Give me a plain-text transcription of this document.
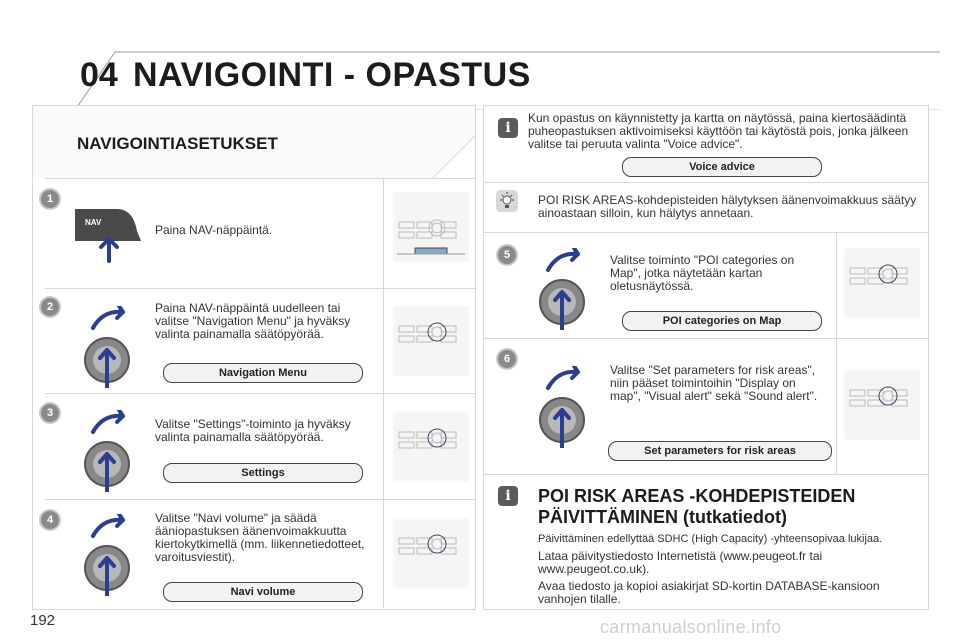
04 NAVIGOINTI - OPASTUS
NAVIGOINTIASETUKSET
1
NAV
Paina NAV-näppäintä.
2	Paina NAV-näppäintä uudelleen tai valitse "Navigation Menu" ja hyväksy valinta painamalla säätöpyörää.
Navigation Menu
3
Valitse "Settings"-toiminto ja hyväksy valinta painamalla säätöpyörää.
Settings
4	Valitse "Navi volume" ja säädä ääniopastuksen äänenvoimakkuutta kiertokytkimellä (mm. liikennetiedotteet, varoitusviestit).
Navi volume
i
Kun opastus on käynnistetty ja kartta on näytössä, paina kiertosäädintä puheopastuksen aktivoimiseksi käyttöön tai käytöstä pois, jonka jälkeen valitse tai peruuta valinta "Voice advice".
Voice advice
POI RISK AREAS-kohdepisteiden hälytyksen äänenvoimakkuus säätyy ainoastaan silloin, kun hälytys annetaan.
5	Valitse toiminto "POI categories on Map", jotka näytetään kartan oletusnäytössä.
POI categories on Map
6
Valitse "Set parameters for risk areas", niin pääset toimintoihin "Display on map", "Visual alert" sekä "Sound alert".
Set parameters for risk areas
i	POI RISK AREAS -KOHDEPISTEIDEN PÄIVITTÄMINEN (tutkatiedot)
Päivittäminen edellyttää SDHC (High Capacity) -yhteensopivaa lukijaa.
Lataa päivitystiedosto Internetistä (www.peugeot.fr tai www.peugeot.co.uk).
Avaa tiedosto ja kopioi asiakirjat SD-kortin DATABASE-kansioon vanhojen tilalle.
192	carmanualsonline.info
